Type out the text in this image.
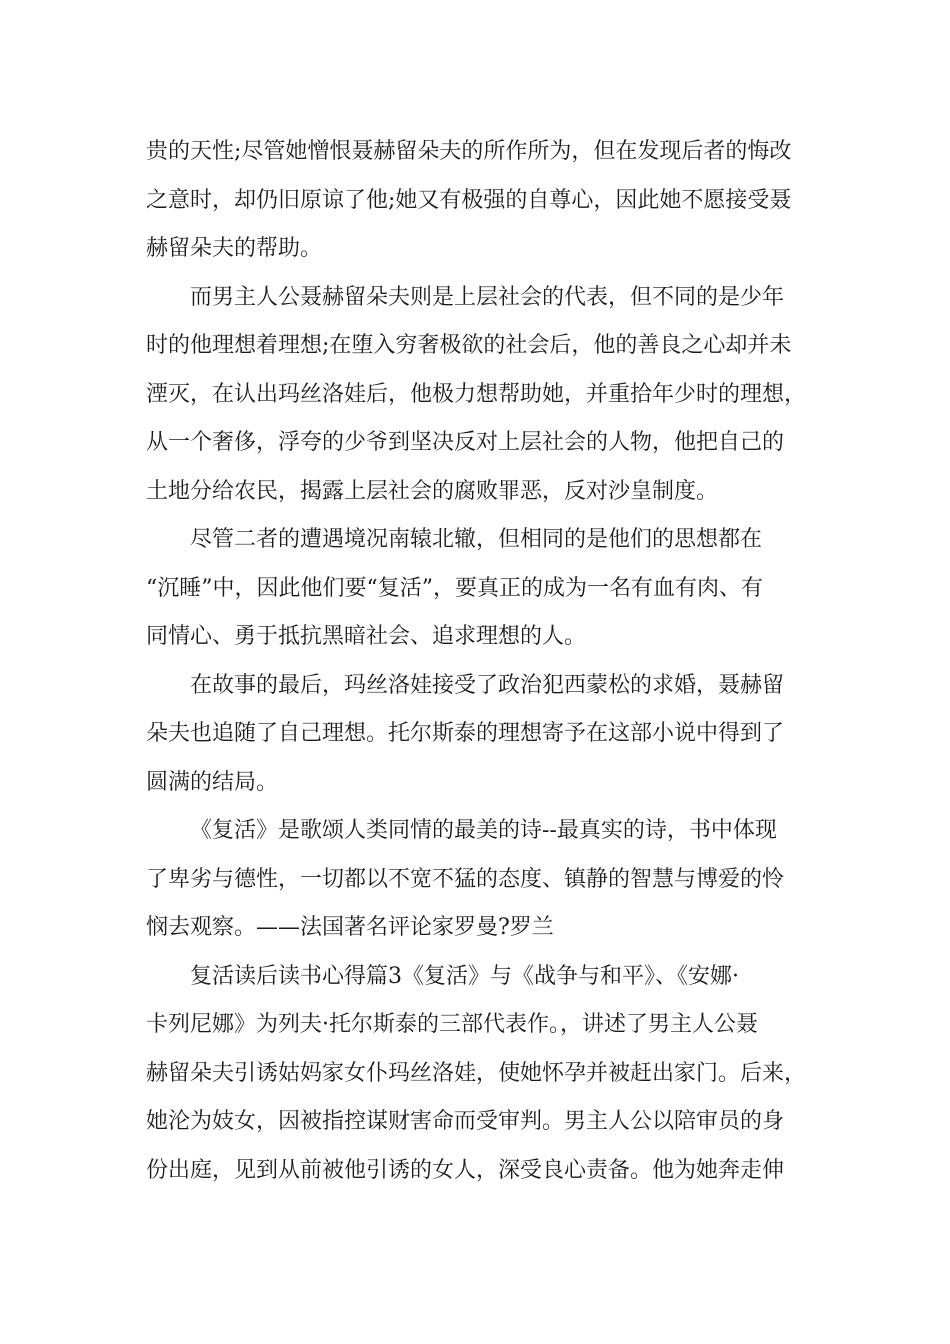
贵的天性;尽管她憎恨聂赫留朵夫的所作所为，但在发现后者的悔改
之意时，却仍旧原谅了他;她又有极强的自尊心，因此她不愿接受聂
赫留朵夫的帮助。
而男主人公聂赫留朵夫则是上层社会的代表，但不同的是少年
时的他理想着理想;在堕入穷奢极欲的社会后，他的善良之心却并未
湮灭，在认出玛丝洛娃后，他极力想帮助她，并重拾年少时的理想，
从一个奢侈，浮夸的少爷到坚决反对上层社会的人物，他把自己的
土地分给农民，揭露上层社会的腐败罪恶，反对沙皇制度。
尽管二者的遭遇境况南辕北辙，但相同的是他们的思想都在
“沉睡”中，因此他们要“复活”，要真正的成为一名有血有肉、有
同情心、勇于抵抗黑暗社会、追求理想的人。
在故事的最后，玛丝洛娃接受了政治犯西蒙松的求婚，聂赫留
朵夫也追随了自己理想。托尔斯泰的理想寄予在这部小说中得到了
圆满的结局。
《复活》是歌颂人类同情的最美的诗--最真实的诗，书中体现
了卑劣与德性，一切都以不宽不猛的态度、镇静的智慧与博爱的怜
悯去观察。——法国著名评论家罗曼?罗兰
复活读后读书心得篇3《复活》与《战争与和平》、《安娜·
卡列尼娜》为列夫·托尔斯泰的三部代表作。，讲述了男主人公聂
赫留朵夫引诱姑妈家女仆玛丝洛娃，使她怀孕并被赶出家门。后来，
她沦为妓女，因被指控谋财害命而受审判。男主人公以陪审员的身
份出庭，见到从前被他引诱的女人，深受良心责备。他为她奔走伸
